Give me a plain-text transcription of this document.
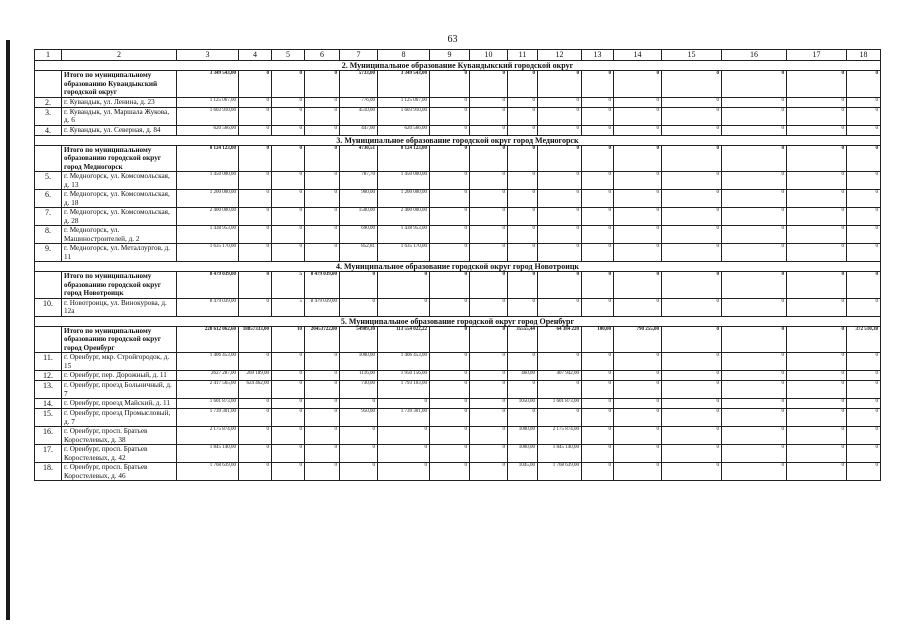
63
1	2	3	4	5	6	7	8	9	10	11	12	13	14	15	16	17	18
2. Муниципальное образование Кувандыкский городской округ																	
	Итого по муниципальному образованию Кувандыкский городской округ	3 349 543,00	0	0	0	5733,00	3 349 543,00	0	0	0	0	0	0	0	0	0	0
2.	г. Кувандык, ул. Ленина, д. 23	1 125 067,00	0	0	0	776,00	1 125 067,00	0	0	0	0	0	0	0	0	0	0
3.	г. Кувандык, ул. Маршала Жукова, д. 6	1 603 910,00	0	0	0	4510,00	1 603 910,00	0	0	0	0	0	0	0	0	0	0
4.	г. Кувандык, ул. Северная, д. 84	620 566,00	0	0	0	447,00	620 566,00	0	0	0	0	0	0	0	0	0	0
3. Муниципальное образование городской округ город Медногорск																	
	Итого по муниципальному образованию городской округ город Медногорск	8 124 123,00	0	0	0	4730,51	8 124 123,00	0	0	0	0	0	0	0	0	0	0
5.	г. Медногорск, ул. Комсомольская, д. 13	1 450 000,00	0	0	0	787,70	1 450 000,00	0	0	0	0	0	0	0	0	0	0
6.	г. Медногорск, ул. Комсомольская, д. 18	1 200 000,00	0	0	0	900,00	1 200 000,00	0	0	0	0	0	0	0	0	0	0
7.	г. Медногорск, ул. Комсомольская, д. 28	2 400 000,00	0	0	0	1500,00	2 400 000,00	0	0	0	0	0	0	0	0	0	0
8.	г. Медногорск, ул. Машиностроителей, д. 2	1 438 953,00	0	0	0	690,00	1 438 953,00	0	0	0	0	0	0	0	0	0	0
9.	г. Медногорск, ул. Металлургов, д. 11	1 635 170,00	0	0	0	852,81	1 635 170,00	0	0	0	0	0	0	0	0	0	0
4. Муниципальное образование городской округ город Новотроицк																	
	Итого по муниципальному образованию городской округ город Новотроицк	8 479 039,00	0	5	8 479 039,00	0	0	0	0	0	0	0	0	0	0	0	0
10.	г. Новотроицк, ул. Винокурова, д. 12а	8 479 039,00	0	5	8 479 039,00	0	0	0	0	0	0	0	0	0	0	0	0
5. Муниципальное образование городской округ город Оренбург																	
	Итого по муниципальному образованию городской округ город Оренбург	228 612 062,60	18857333,00	10	20453722,00	54989,30	113 554 022,22	0	0	35555,44	64 384 220	100,00	790 255,00	0	0	0	372 510,38
11.	г. Оренбург, мкр. Стройгородок, д. 15	1 406 453,00	0	0	0	1000,00	1 406 453,00	0	0	0	0	0	0	0	0	0	0
12.	г. Оренбург, пер. Дорожный, д. 11	2627 287,00	269 189,00	0	0	1116,00	1 950 156,00	0	0	460,00	407 942,00	0	0	0	0	0	0
13.	г. Оренбург, проезд Больничный, д. 7	2 417 565,00	624 462,00	0	0	730,00	1 793 103,00	0	0	0	0	0	0	0	0	0	0
14.	г. Оренбург, проезд Майский, д. 11	1 601 873,00	0	0	0	0	0	0	0	1050,00	1 601 873,00	0	0	0	0	0	0
15.	г. Оренбург, проезд Промысловый, д. 7	1 739 301,00	0	0	0	950,00	1 739 301,00	0	0	0	0	0	0	0	0	0	0
16.	г. Оренбург, просп. Братьев Коростелевых, д. 38	2 175 874,00	0	0	0	0	0	0	0	1000,00	2 175 874,00	0	0	0	0	0	0
17.	г. Оренбург, просп. Братьев Коростелевых, д. 42	1 845 140,00	0	0	0	0	0	0	0	1000,00	1 845 140,00	0	0	0	0	0	0
18.	г. Оренбург, просп. Братьев Коростелевых, д. 46	1 768 639,00	0	0	0	0	0	0	0	1045,00	1 768 639,00	0	0	0	0	0	0
